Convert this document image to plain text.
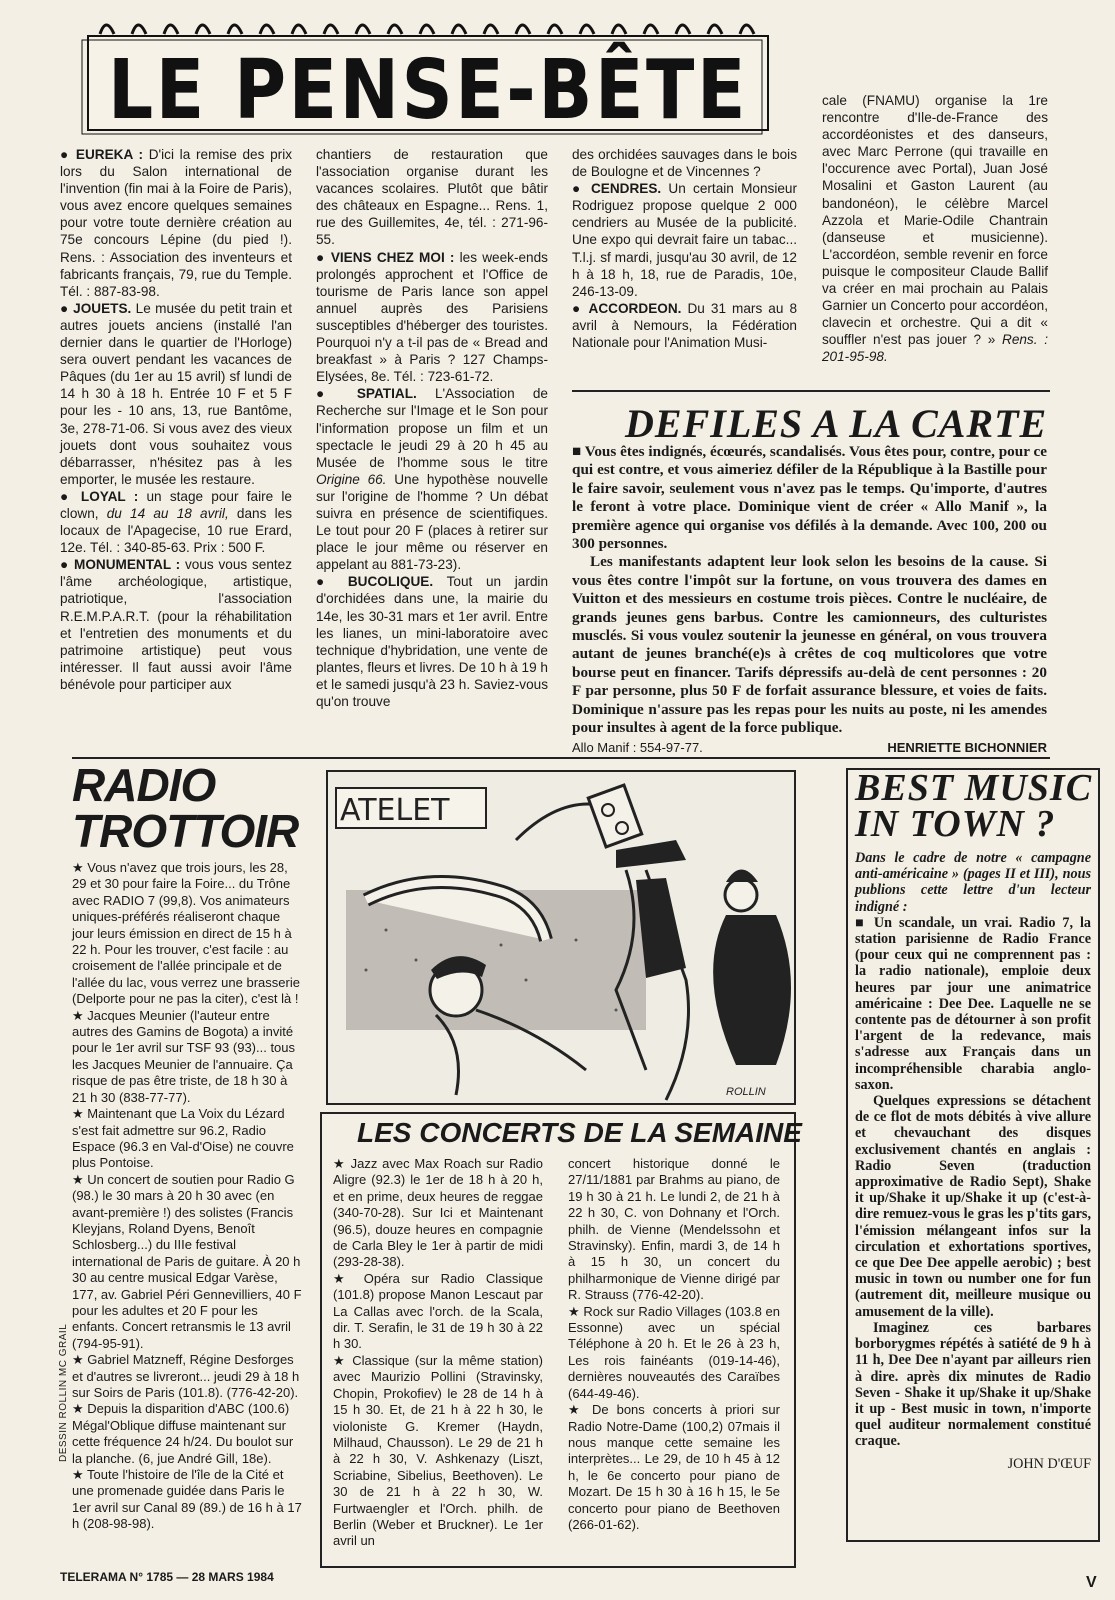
LE PENSE-BÊTE

● EUREKA : D'ici la remise des prix lors du Salon international de l'invention (fin mai à la Foire de Paris), vous avez encore quelques semaines pour votre toute dernière création au 75e concours Lépine (du pied !). Rens. : Association des inventeurs et fabricants français, 79, rue du Temple. Tél. : 887-83-98.

● JOUETS. Le musée du petit train et autres jouets anciens (installé l'an dernier dans le quartier de l'Horloge) sera ouvert pendant les vacances de Pâques (du 1er au 15 avril) sf lundi de 14 h 30 à 18 h. Entrée 10 F et 5 F pour les - 10 ans, 13, rue Bantôme, 3e, 278-71-06. Si vous avez des vieux jouets dont vous souhaitez vous débarrasser, n'hésitez pas à les emporter, le musée les restaure.

● LOYAL : un stage pour faire le clown, du 14 au 18 avril, dans les locaux de l'Apagecise, 10 rue Erard, 12e. Tél. : 340-85-63. Prix : 500 F.

● MONUMENTAL : vous vous sentez l'âme archéologique, artistique, patriotique, l'association R.E.M.P.A.R.T. (pour la réhabilitation et l'entretien des monuments et du patrimoine artistique) peut vous intéresser. Il faut aussi avoir l'âme bénévole pour participer aux

chantiers de restauration que l'association organise durant les vacances scolaires. Plutôt que bâtir des châteaux en Espagne... Rens. 1, rue des Guillemites, 4e, tél. : 271-96-55.

● VIENS CHEZ MOI : les week-ends prolongés approchent et l'Office de tourisme de Paris lance son appel annuel auprès des Parisiens susceptibles d'héberger des touristes. Pourquoi n'y a t-il pas de « Bread and breakfast » à Paris ? 127 Champs-Elysées, 8e. Tél. : 723-61-72.

● SPATIAL. L'Association de Recherche sur l'Image et le Son pour l'information propose un film et un spectacle le jeudi 29 à 20 h 45 au Musée de l'homme sous le titre Origine 66. Une hypothèse nouvelle sur l'origine de l'homme ? Un débat suivra en présence de scientifiques. Le tout pour 20 F (places à retirer sur place le jour même ou réserver en appelant au 881-73-23).

● BUCOLIQUE. Tout un jardin d'orchidées dans une, la mairie du 14e, les 30-31 mars et 1er avril. Entre les lianes, un mini-laboratoire avec technique d'hybridation, une vente de plantes, fleurs et livres. De 10 h à 19 h et le samedi jusqu'à 23 h. Saviez-vous qu'on trouve

des orchidées sauvages dans le bois de Boulogne et de Vincennes ?

● CENDRES. Un certain Monsieur Rodriguez propose quelque 2 000 cendriers au Musée de la publicité. Une expo qui devrait faire un tabac... T.l.j. sf mardi, jusqu'au 30 avril, de 12 h à 18 h, 18, rue de Paradis, 10e, 246-13-09.

● ACCORDEON. Du 31 mars au 8 avril à Nemours, la Fédération Nationale pour l'Animation Musi-

cale (FNAMU) organise la 1re rencontre d'Ile-de-France des accordéonistes et des danseurs, avec Marc Perrone (qui travaille en l'occurence avec Portal), Juan José Mosalini et Gaston Laurent (au bandonéon), le célèbre Marcel Azzola et Marie-Odile Chantrain (danseuse et musicienne). L'accordéon, semble revenir en force puisque le compositeur Claude Ballif va créer en mai prochain au Palais Garnier un Concerto pour accordéon, clavecin et orchestre. Qui a dit « souffler n'est pas jouer ? » Rens. : 201-95-98.

DEFILES A LA CARTE

■ Vous êtes indignés, écœurés, scandalisés. Vous êtes pour, contre, pour ce qui est contre, et vous aimeriez défiler de la République à la Bastille pour le faire savoir, seulement vous n'avez pas le temps. Qu'importe, d'autres le feront à votre place. Dominique vient de créer « Allo Manif », la première agence qui organise vos défilés à la demande. Avec 100, 200 ou 300 personnes.

Les manifestants adaptent leur look selon les besoins de la cause. Si vous êtes contre l'impôt sur la fortune, on vous trouvera des dames en Vuitton et des messieurs en costume trois pièces. Contre le nucléaire, de grands jeunes gens barbus. Contre les camionneurs, des culturistes musclés. Si vous voulez soutenir la jeunesse en général, on vous trouvera autant de jeunes branché(e)s à crêtes de coq multicolores que votre bourse peut en financer. Tarifs dépressifs au-delà de cent personnes : 20 F par personne, plus 50 F de forfait assurance blessure, et voies de faits. Dominique n'assure pas les repas pour les nuits au poste, ni les amendes pour insultes à agent de la force publique.

Allo Manif : 554-97-77.	HENRIETTE BICHONNIER
RADIO
TROTTOIR

★ Vous n'avez que trois jours, les 28, 29 et 30 pour faire la Foire... du Trône avec RADIO 7 (99,8). Vos animateurs uniques-préférés réaliseront chaque jour leurs émission en direct de 15 h à 22 h. Pour les trouver, c'est facile : au croisement de l'allée principale et de l'allée du lac, vous verrez une brasserie (Delporte pour ne pas la citer), c'est là !

★ Jacques Meunier (l'auteur entre autres des Gamins de Bogota) a invité pour le 1er avril sur TSF 93 (93)... tous les Jacques Meunier de l'annuaire. Ça risque de pas être triste, de 18 h 30 à 21 h 30 (838-77-77).

★ Maintenant que La Voix du Lézard s'est fait admettre sur 96.2, Radio Espace (96.3 en Val-d'Oise) ne couvre plus Pontoise.

★ Un concert de soutien pour Radio G (98.) le 30 mars à 20 h 30 avec (en avant-première !) des solistes (Francis Kleyjans, Roland Dyens, Benoît Schlosberg...) du IIIe festival international de Paris de guitare. À 20 h 30 au centre musical Edgar Varèse, 177, av. Gabriel Péri Gennevilliers, 40 F pour les adultes et 20 F pour les enfants. Concert retransmis le 13 avril (794-95-91).

★ Gabriel Matzneff, Régine Desforges et d'autres se livreront... jeudi 29 à 18 h sur Soirs de Paris (101.8). (776-42-20).

★ Depuis la disparition d'ABC (100.6) Mégal'Oblique diffuse maintenant sur cette fréquence 24 h/24. Du boulot sur la planche. (6, jue André Gill, 18e).

★ Toute l'histoire de l'île de la Cité et une promenade guidée dans Paris le 1er avril sur Canal 89 (89.) de 16 h à 17 h (208-98-98).

DESSIN ROLLIN MC GRAIL
ATELET
ROLLIN
LES CONCERTS DE LA SEMAINE

★ Jazz avec Max Roach sur Radio Aligre (92.3) le 1er de 18 h à 20 h, et en prime, deux heures de reggae (340-70-28). Sur Ici et Maintenant (96.5), douze heures en compagnie de Carla Bley le 1er à partir de midi (293-28-38).

★ Opéra sur Radio Classique (101.8) propose Manon Lescaut par La Callas avec l'orch. de la Scala, dir. T. Serafin, le 31 de 19 h 30 à 22 h 30.

★ Classique (sur la même station) avec Maurizio Pollini (Stravinsky, Chopin, Prokofiev) le 28 de 14 h à 15 h 30. Et, de 21 h à 22 h 30, le violoniste G. Kremer (Haydn, Milhaud, Chausson). Le 29 de 21 h à 22 h 30, V. Ashkenazy (Liszt, Scriabine, Sibelius, Beethoven). Le 30 de 21 h à 22 h 30, W. Furtwaengler et l'Orch. philh. de Berlin (Weber et Bruckner). Le 1er avril un

concert historique donné le 27/11/1881 par Brahms au piano, de 19 h 30 à 21 h. Le lundi 2, de 21 h à 22 h 30, C. von Dohnany et l'Orch. philh. de Vienne (Mendelssohn et Stravinsky). Enfin, mardi 3, de 14 h à 15 h 30, un concert du philharmonique de Vienne dirigé par R. Strauss (776-42-20).

★ Rock sur Radio Villages (103.8 en Essonne) avec un spécial Téléphone à 20 h. Et le 26 à 23 h, Les rois fainéants (019-14-46), dernières nouveautés des Caraïbes (644-49-46).

★ De bons concerts à priori sur Radio Notre-Dame (100,2) 07mais il nous manque cette semaine les interprètes... Le 29, de 10 h 45 à 12 h, le 6e concerto pour piano de Mozart. De 15 h 30 à 16 h 15, le 5e concerto pour piano de Beethoven (266-01-62).

BEST MUSIC
IN TOWN ?

Dans le cadre de notre « campagne anti-américaine » (pages II et III), nous publions cette lettre d'un lecteur indigné :

■ Un scandale, un vrai. Radio 7, la station parisienne de Radio France (pour ceux qui ne comprennent pas : la radio nationale), emploie deux heures par jour une animatrice américaine : Dee Dee. Laquelle ne se contente pas de détourner à son profit l'argent de la redevance, mais s'adresse aux Français dans un incompréhensible charabia anglo-saxon.

Quelques expressions se détachent de ce flot de mots débités à vive allure et chevauchant des disques exclusivement chantés en anglais : Radio Seven (traduction approximative de Radio Sept), Shake it up/Shake it up/Shake it up (c'est-à-dire remuez-vous le gras les p'tits gars, l'émission mélangeant infos sur la circulation et exhortations sportives, ce que Dee Dee appelle aerobic) ; best music in town ou number one for fun (autrement dit, meilleure musique ou amusement de la ville).

Imaginez ces barbares borborygmes répétés à satiété de 9 h à 11 h, Dee Dee n'ayant par ailleurs rien à dire. après dix minutes de Radio Seven - Shake it up/Shake it up/Shake it up - Best music in town, n'importe quel auditeur normalement constitué craque.

JOHN D'ŒUF

TELERAMA N° 1785 — 28 MARS 1984	V
